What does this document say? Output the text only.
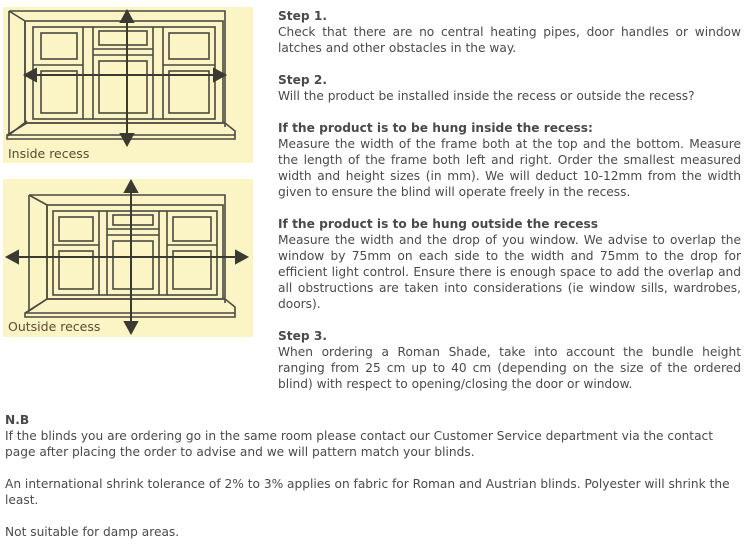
Inside recess
Outside recess
Step 1.

Check that there are no central heating pipes, door handles or window latches and other obstacles in the way.

Step 2.

Will the product be installed inside the recess or outside the recess?

If the product is to be hung inside the recess:

Measure the width of the frame both at the top and the bottom. Measure the length of the frame both left and right. Order the smallest measured width and height sizes (in mm). We will deduct 10-12mm from the width given to ensure the blind will operate freely in the recess.

If the product is to be hung outside the recess

Measure the width and the drop of you window. We advise to overlap the window by 75mm on each side to the width and 75mm to the drop for efficient light control. Ensure there is enough space to add the overlap and all obstructions are taken into considerations (ie window sills, wardrobes, doors).

Step 3.

When ordering a Roman Shade, take into account the bundle height ranging from 25 cm up to 40 cm (depending on the size of the ordered blind) with respect to opening/closing the door or window.

N.B

If the blinds you are ordering go in the same room please contact our Customer Service department via the contact page after placing the order to advise and we will pattern match your blinds.

An international shrink tolerance of 2% to 3% applies on fabric for Roman and Austrian blinds. Polyester will shrink the least.

Not suitable for damp areas.
